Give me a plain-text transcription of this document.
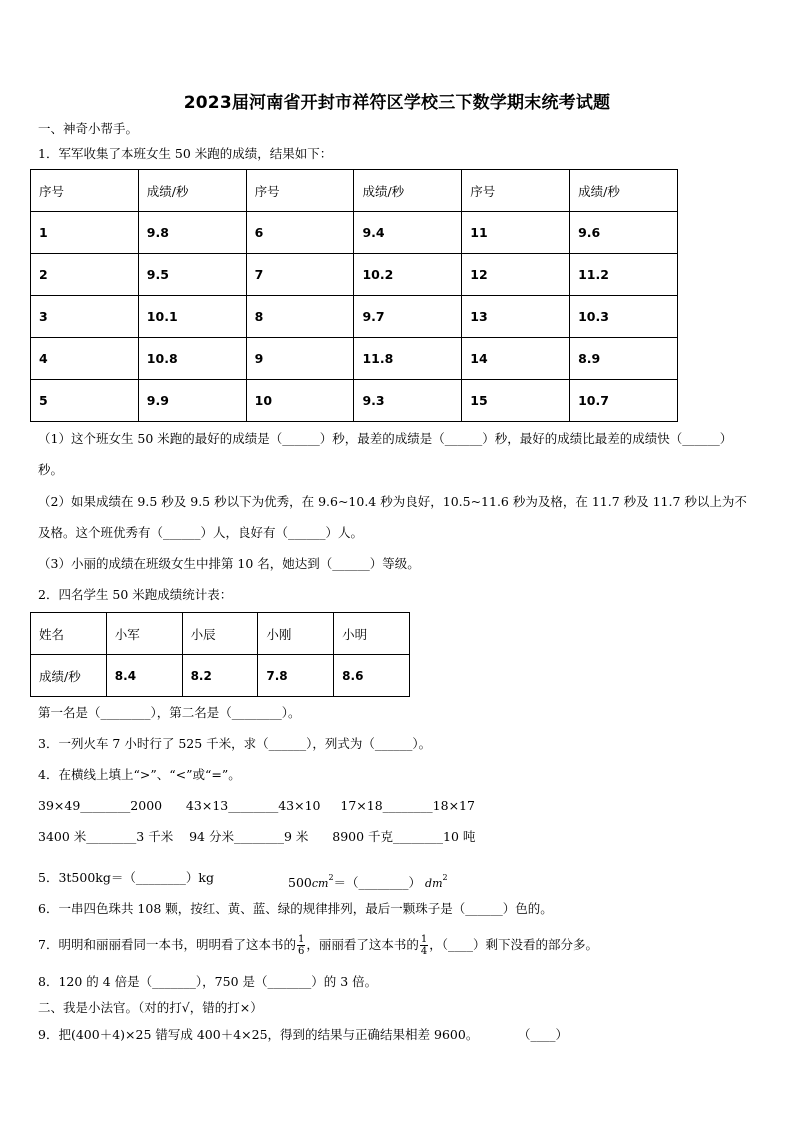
2023届河南省开封市祥符区学校三下数学期末统考试题
一、神奇小帮手。
1．军军收集了本班女生 50 米跑的成绩，结果如下：
序号	成绩/秒	序号	成绩/秒	序号	成绩/秒
1	9.8	6	9.4	11	9.6
2	9.5	7	10.2	12	11.2
3	10.1	8	9.7	13	10.3
4	10.8	9	11.8	14	8.9
5	9.9	10	9.3	15	10.7
（1）这个班女生 50 米跑的最好的成绩是（______）秒，最差的成绩是（______）秒，最好的成绩比最差的成绩快（______）秒。
（2）如果成绩在 9.5 秒及 9.5 秒以下为优秀，在 9.6~10.4 秒为良好，10.5~11.6 秒为及格，在 11.7 秒及 11.7 秒以上为不及格。这个班优秀有（______）人，良好有（______）人。
（3）小丽的成绩在班级女生中排第 10 名，她达到（______）等级。
2．四名学生 50 米跑成绩统计表：
姓名	小军	小辰	小刚	小明
成绩/秒	8.4	8.2	7.8	8.6
第一名是（________），第二名是（________）。
3．一列火车 7 小时行了 525 千米，求（______），列式为（______）。
4．在横线上填上“>”、“<”或“=”。
39×49________2000      43×13________43×10     17×18________18×17
3400 米________3 千米    94 分米________9 米      8900 千克________10 吨
5．3t500kg＝（________）kg	$500cm^2=(\_\_\_\_\_\_\_\_)$ $dm^2$
6．一串四色珠共 108 颗，按红、黄、蓝、绿的规律排列，最后一颗珠子是（______）色的。
7．明明和丽丽看同一本书，明明看了这本书的 $\frac{1}{6}$ ，丽丽看了这本书的 $\frac{1}{4}$ ，（____）剩下没看的部分多。
8．120 的 4 倍是（_______），750 是（_______）的 3 倍。
二、我是小法官。（对的打√，错的打×）
9．把(400＋4)×25 错写成 400＋4×25，得到的结果与正确结果相差 9600。          （____）
